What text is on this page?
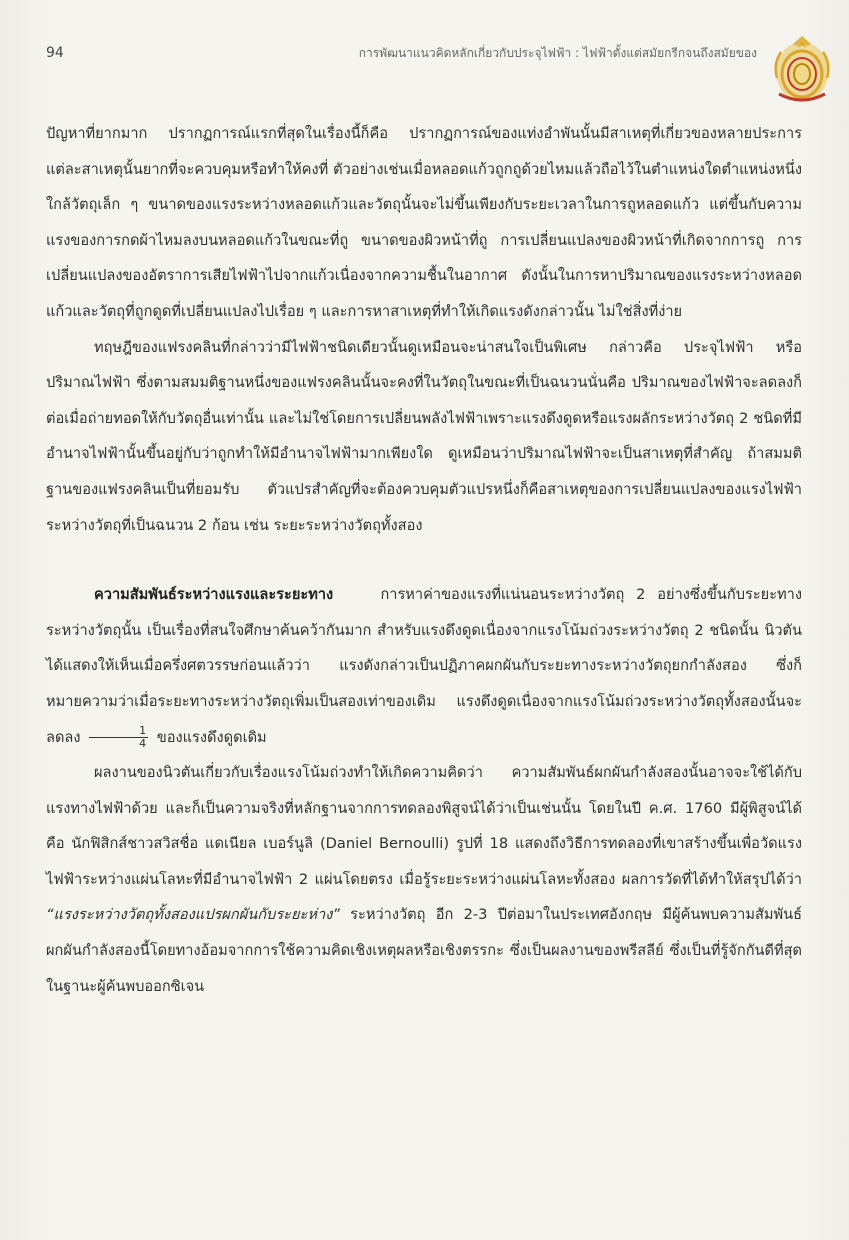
94	การพัฒนาแนวคิดหลักเกี่ยวกับประจุไฟฟ้า : ไฟฟ้าตั้งแต่สมัยกรีกจนถึงสมัยของ

ปัญหาที่ยากมาก ปรากฏการณ์แรกที่สุดในเรื่องนี้ก็คือ ปรากฏการณ์ของแท่งอำพันนั้นมีสาเหตุที่เกี่ยวของหลายประการ แต่ละสาเหตุนั้นยากที่จะควบคุมหรือทำให้คงที่ ตัวอย่างเช่นเมื่อหลอดแก้วถูกถูด้วยไหมแล้วถือไว้ในตำแหน่งใดตำแหน่งหนึ่งใกล้วัตถุเล็ก ๆ ขนาดของแรงระหว่างหลอดแก้วและวัตถุนั้นจะไม่ขึ้นเพียงกับระยะเวลาในการถูหลอดแก้ว แต่ขึ้นกับความแรงของการกดผ้าไหมลงบนหลอดแก้วในขณะที่ถู ขนาดของผิวหน้าที่ถู การเปลี่ยนแปลงของผิวหน้าที่เกิดจากการถู การเปลี่ยนแปลงของอัตราการเสียไฟฟ้าไปจากแก้วเนื่องจากความชื้นในอากาศ ดังนั้นในการหาปริมาณของแรงระหว่างหลอดแก้วและวัตถุที่ถูกดูดที่เปลี่ยนแปลงไปเรื่อย ๆ และการหาสาเหตุที่ทำให้เกิดแรงดังกล่าวนั้น ไม่ใช่สิ่งที่ง่าย

ทฤษฎีของแฟรงคลินที่กล่าวว่ามีไฟฟ้าชนิดเดียวนั้นดูเหมือนจะน่าสนใจเป็นพิเศษ กล่าวคือ ประจุไฟฟ้า หรือ ปริมาณไฟฟ้า ซึ่งตามสมมติฐานหนึ่งของแฟรงคลินนั้นจะคงที่ในวัตถุในขณะที่เป็นฉนวนนั่นคือ ปริมาณของไฟฟ้าจะลดลงก็ต่อเมื่อถ่ายทอดให้กับวัตถุอื่นเท่านั้น และไม่ใช่โดยการเปลี่ยนพลังไฟฟ้าเพราะแรงดึงดูดหรือแรงผลักระหว่างวัตถุ 2 ชนิดที่มีอำนาจไฟฟ้านั้นขึ้นอยู่กับว่าถูกทำให้มีอำนาจไฟฟ้ามากเพียงใด ดูเหมือนว่าปริมาณไฟฟ้าจะเป็นสาเหตุที่สำคัญ ถ้าสมมติฐานของแฟรงคลินเป็นที่ยอมรับ ตัวแปรสำคัญที่จะต้องควบคุมตัวแปรหนึ่งก็คือสาเหตุของการเปลี่ยนแปลงของแรงไฟฟ้าระหว่างวัตถุที่เป็นฉนวน 2 ก้อน เช่น ระยะระหว่างวัตถุทั้งสอง

ความสัมพันธ์ระหว่างแรงและระยะทาง	การหาค่าของแรงที่แน่นอนระหว่างวัตถุ 2 อย่างซึ่งขึ้นกับระยะทางระหว่างวัตถุนั้น เป็นเรื่องที่สนใจศึกษาค้นคว้ากันมาก สำหรับแรงดึงดูดเนื่องจากแรงโน้มถ่วงระหว่างวัตถุ 2 ชนิดนั้น นิวตันได้แสดงให้เห็นเมื่อครึ่งศตวรรษก่อนแล้วว่า แรงดังกล่าวเป็นปฏิภาคผกผันกับระยะทางระหว่างวัตถุยกกำลังสอง ซึ่งก็หมายความว่าเมื่อระยะทางระหว่างวัตถุเพิ่มเป็นสองเท่าของเดิม แรงดึงดูดเนื่องจากแรงโน้มถ่วงระหว่างวัตถุทั้งสองนั้นจะลดลง $\frac{1}{4}$ ของแรงดึงดูดเดิม

ผลงานของนิวตันเกี่ยวกับเรื่องแรงโน้มถ่วงทำให้เกิดความคิดว่า ความสัมพันธ์ผกผันกำลังสองนั้นอาจจะใช้ได้กับแรงทางไฟฟ้าด้วย และก็เป็นความจริงที่หลักฐานจากการทดลองพิสูจน์ได้ว่าเป็นเช่นนั้น โดยในปี ค.ศ. 1760 มีผู้พิสูจน์ได้คือ นักฟิสิกส์ชาวสวิสชื่อ แดเนียล เบอร์นูลิ (Daniel Bernoulli) รูปที่ 18 แสดงถึงวิธีการทดลองที่เขาสร้างขึ้นเพื่อวัดแรงไฟฟ้าระหว่างแผ่นโลหะที่มีอำนาจไฟฟ้า 2 แผ่นโดยตรง เมื่อรู้ระยะระหว่างแผ่นโลหะทั้งสอง ผลการวัดที่ได้ทำให้สรุปได้ว่า “แรงระหว่างวัตถุทั้งสองแปรผกผันกับระยะห่าง” ระหว่างวัตถุ อีก 2-3 ปีต่อมาในประเทศอังกฤษ มีผู้ค้นพบความสัมพันธ์ผกผันกำลังสองนี้โดยทางอ้อมจากการใช้ความคิดเชิงเหตุผลหรือเชิงตรรกะ ซึ่งเป็นผลงานของพรีสลีย์ ซึ่งเป็นที่รู้จักกันดีที่สุดในฐานะผู้ค้นพบออกซิเจน
